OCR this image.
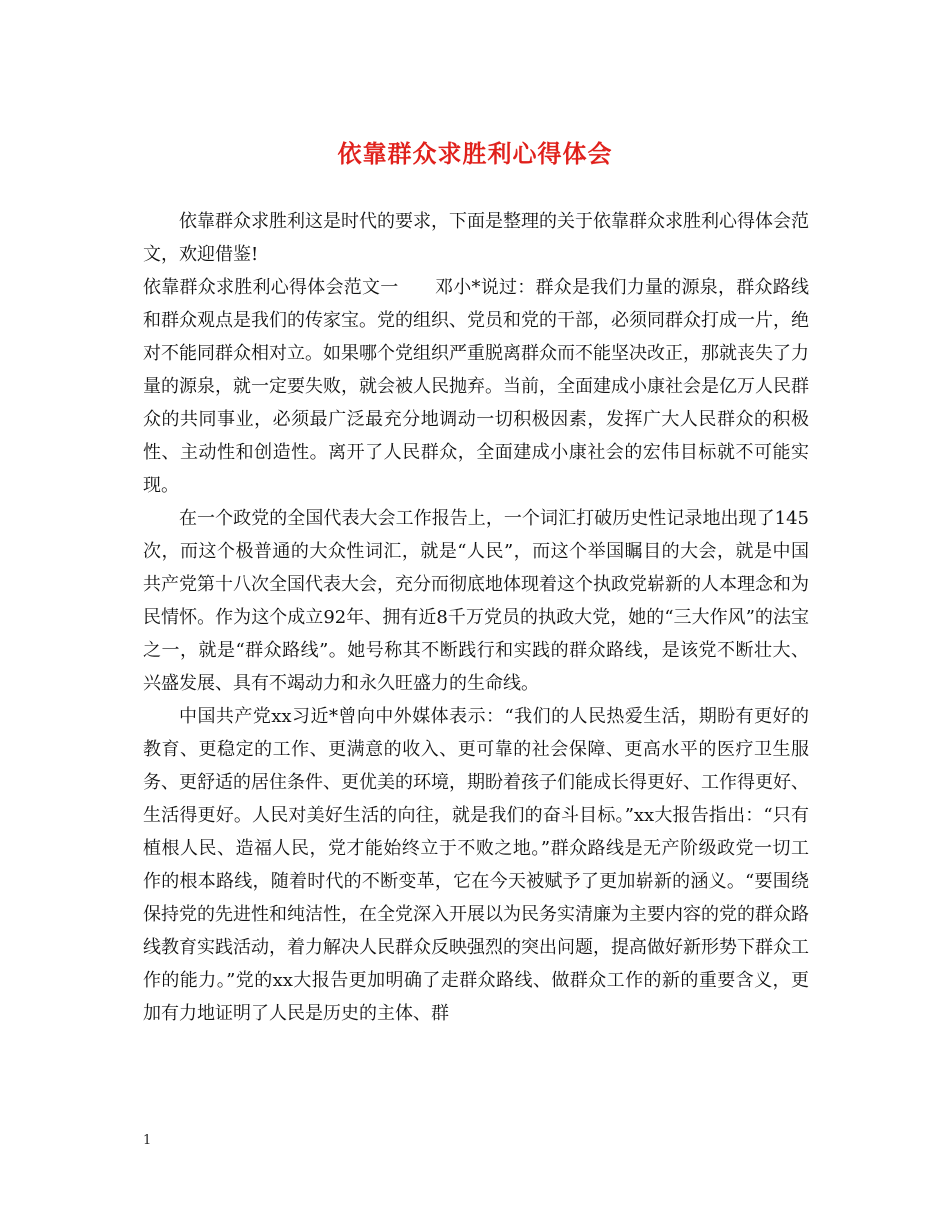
依靠群众求胜利心得体会

依靠群众求胜利这是时代的要求，下面是整理的关于依靠群众求胜利心得体会范文，欢迎借鉴!

依靠群众求胜利心得体会范文一　　邓小*说过：群众是我们力量的源泉，群众路线和群众观点是我们的传家宝。党的组织、党员和党的干部，必须同群众打成一片，绝对不能同群众相对立。如果哪个党组织严重脱离群众而不能坚决改正，那就丧失了力量的源泉，就一定要失败，就会被人民抛弃。当前，全面建成小康社会是亿万人民群众的共同事业，必须最广泛最充分地调动一切积极因素，发挥广大人民群众的积极性、主动性和创造性。离开了人民群众，全面建成小康社会的宏伟目标就不可能实现。

在一个政党的全国代表大会工作报告上，一个词汇打破历史性记录地出现了145次，而这个极普通的大众性词汇，就是“人民”，而这个举国瞩目的大会，就是中国共产党第十八次全国代表大会，充分而彻底地体现着这个执政党崭新的人本理念和为民情怀。作为这个成立92年、拥有近8千万党员的执政大党，她的“三大作风”的法宝之一，就是“群众路线”。她号称其不断践行和实践的群众路线，是该党不断壮大、兴盛发展、具有不竭动力和永久旺盛力的生命线。

中国共产党xx习近*曾向中外媒体表示：“我们的人民热爱生活，期盼有更好的教育、更稳定的工作、更满意的收入、更可靠的社会保障、更高水平的医疗卫生服务、更舒适的居住条件、更优美的环境，期盼着孩子们能成长得更好、工作得更好、生活得更好。人民对美好生活的向往，就是我们的奋斗目标。”xx大报告指出：“只有植根人民、造福人民，党才能始终立于不败之地。”群众路线是无产阶级政党一切工作的根本路线，随着时代的不断变革，它在今天被赋予了更加崭新的涵义。“要围绕保持党的先进性和纯洁性，在全党深入开展以为民务实清廉为主要内容的党的群众路线教育实践活动，着力解决人民群众反映强烈的突出问题，提高做好新形势下群众工作的能力。”党的xx大报告更加明确了走群众路线、做群众工作的新的重要含义，更加有力地证明了人民是历史的主体、群

1
